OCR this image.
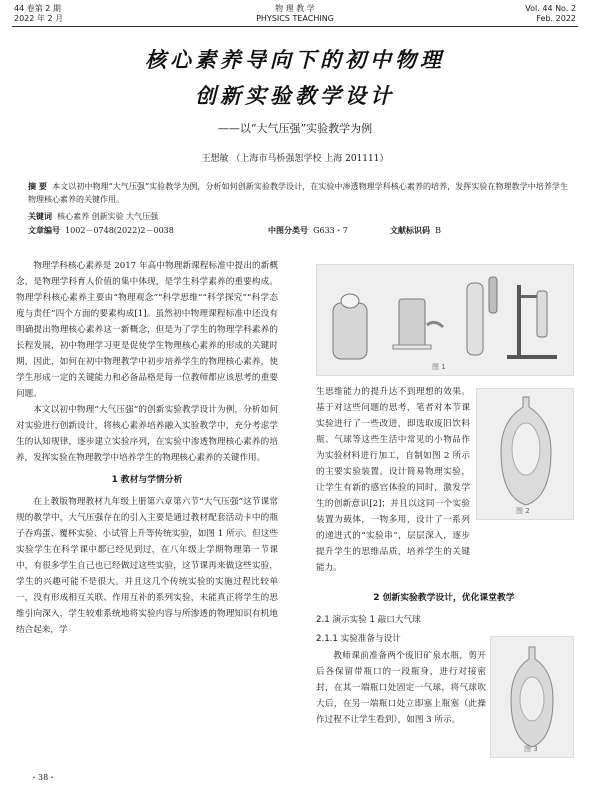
44 卷第 2 期
2022 年 2 月
物 理 教 学
PHYSICS TEACHING
Vol. 44 No. 2
Feb. 2022
核心素养导向下的初中物理
创新实验教学设计
——以“大气压强”实验教学为例
王想敏 （上海市马桥强恕学校 上海 201111）
摘 要 本文以初中物理“大气压强”实验教学为例，分析如何创新实验教学设计，在实验中渗透物理学科核心素养的培养，发挥实验在物理教学中培养学生物理核心素养的关键作用。
关键词 核心素养 创新实验 大气压强
文章编号 1002－0748(2022)2－0038	中图分类号 G633・7	文献标识码 B

物理学科核心素养是 2017 年高中物理新课程标准中提出的新概念，是物理学科育人价值的集中体现，是学生科学素养的重要构成。物理学科核心素养主要由“物理观念”“科学思维”“科学探究”“科学态度与责任”四个方面的要素构成[1]。虽然初中物理课程标准中还没有明确提出物理核心素养这一新概念，但是为了学生的物理学科素养的长程发展，初中物理学习更是促使学生物理核心素养的形成的关键时期，因此，如何在初中物理教学中初步培养学生的物理核心素养，使学生形成一定的关键能力和必备品格是每一位教师都应该思考的重要问题。

本文以初中物理“大气压强”的创新实验教学设计为例，分析如何对实验进行创新设计，将核心素养培养融入实验教学中，充分考虑学生的认知规律，逐步建立实验序列，在实验中渗透物理核心素养的培养，发挥实验在物理教学中培养学生的物理核心素养的关键作用。

1 教材与学情分析

在上教版物理教材九年级上册第六章第六节“大气压强”这节课常规的教学中，大气压强存在的引入主要是通过教材配套活动卡中的瓶子吞鸡蛋、覆杯实验、小试管上升等传统实验，如图 1 所示。但这些实验学生在科学课中都已经见到过，在八年级上学期物理第一节课中，有很多学生自己也已经做过这些实验，这节课再来做这些实验，学生的兴趣可能不是很大。并且这几个传统实验的实施过程比较单一，没有形成相互关联、作用互补的系列实验，未能真正将学生的思维引向深入，学生较难系统地将实验内容与所渗透的物理知识有机地结合起来，学

图 1

生思维能力的提升达不到理想的效果。基于对这些问题的思考，笔者对本节课实验进行了一些改进，即选取废旧饮料瓶、气球等这些生活中常见的小物品作为实验材料进行加工，自制如图 2 所示的主要实验装置，设计简易物理实验，让学生有新的感官体验的同时，激发学生的创新意识[2]；并且以这同一个实验装置为载体，一物多用，设计了一系列的递进式的“实验串”，层层深入，逐步提升学生的思维品质，培养学生的关键能力。

图 2
2 创新实验教学设计，优化课堂教学
2.1 演示实验 1 敲口大气球
2.1.1 实验准备与设计

教师课前准备两个废旧矿泉水瓶，剪开后各保留带瓶口的一段瓶身，进行对接密封，在其一端瓶口处固定一气球，将气球吹大后，在另一端瓶口处立即塞上瓶塞（此操作过程不让学生看到），如图 3 所示。

图 3
・38・
